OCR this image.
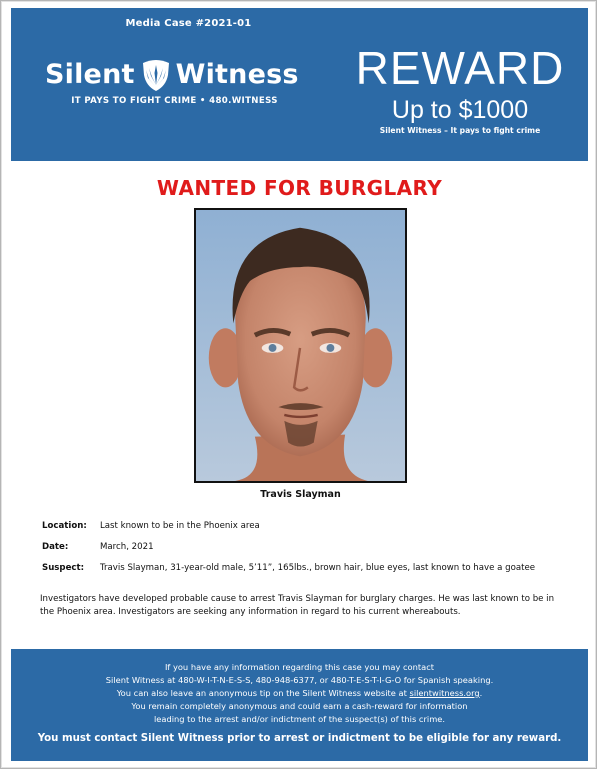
Media Case #2021-01
Silent Witness
IT PAYS TO FIGHT CRIME • 480.WITNESS
REWARD
Up to $1000
Silent Witness – It pays to fight crime
WANTED FOR BURGLARY
Travis Slayman
Location:	Last known to be in the Phoenix area
Date:	March, 2021
Suspect:	Travis Slayman, 31-year-old male, 5’11”, 165lbs., brown hair, blue eyes, last known to have a goatee
Investigators have developed probable cause to arrest Travis Slayman for burglary charges. He was last known to be in the Phoenix area. Investigators are seeking any information in regard to his current whereabouts.
If you have any information regarding this case you may contact
Silent Witness at 480-W-I-T-N-E-S-S, 480-948-6377, or 480-T-E-S-T-I-G-O for Spanish speaking.
You can also leave an anonymous tip on the Silent Witness website at silentwitness.org.
You remain completely anonymous and could earn a cash-reward for information
leading to the arrest and/or indictment of the suspect(s) of this crime.
You must contact Silent Witness prior to arrest or indictment to be eligible for any reward.
